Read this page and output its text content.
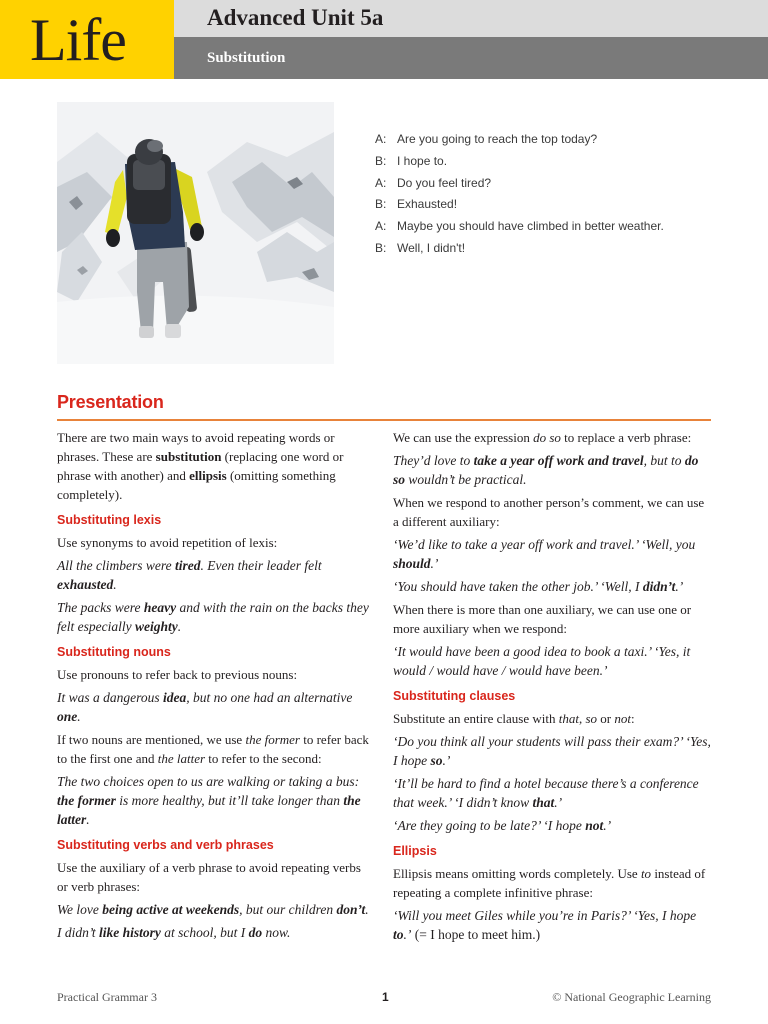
Life	Advanced Unit 5a
Substitution
A: Are you going to reach the top today?
B: I hope to.
A: Do you feel tired?
B: Exhausted!
A: Maybe you should have climbed in better weather.
B: Well, I didn't!
Presentation

There are two main ways to avoid repeating words or phrases. These are substitution (replacing one word or phrase with another) and ellipsis (omitting something completely).

Substituting lexis

Use synonyms to avoid repetition of lexis:

All the climbers were tired. Even their leader felt exhausted.

The packs were heavy and with the rain on the backs they felt especially weighty.

Substituting nouns

Use pronouns to refer back to previous nouns:

It was a dangerous idea, but no one had an alternative one.

If two nouns are mentioned, we use the former to refer back to the first one and the latter to refer to the second:

The two choices open to us are walking or taking a bus: the former is more healthy, but it’ll take longer than the latter.

Substituting verbs and verb phrases

Use the auxiliary of a verb phrase to avoid repeating verbs or verb phrases:

We love being active at weekends, but our children don’t.

I didn’t like history at school, but I do now.

We can use the expression do so to replace a verb phrase:

They’d love to take a year off work and travel, but to do so wouldn’t be practical.

When we respond to another person’s comment, we can use a different auxiliary:

‘We’d like to take a year off work and travel.’ ‘Well, you should.’

‘You should have taken the other job.’ ‘Well, I didn’t.’

When there is more than one auxiliary, we can use one or more auxiliary when we respond:

‘It would have been a good idea to book a taxi.’ ‘Yes, it would / would have / would have been.’

Substituting clauses

Substitute an entire clause with that, so or not:

‘Do you think all your students will pass their exam?’ ‘Yes, I hope so.’

‘It’ll be hard to find a hotel because there’s a conference that week.’ ‘I didn’t know that.’

‘Are they going to be late?’ ‘I hope not.’

Ellipsis

Ellipsis means omitting words completely. Use to instead of repeating a complete infinitive phrase:

‘Will you meet Giles while you’re in Paris?’ ‘Yes, I hope to.’ (= I hope to meet him.)

Practical Grammar 3	1	© National Geographic Learning
